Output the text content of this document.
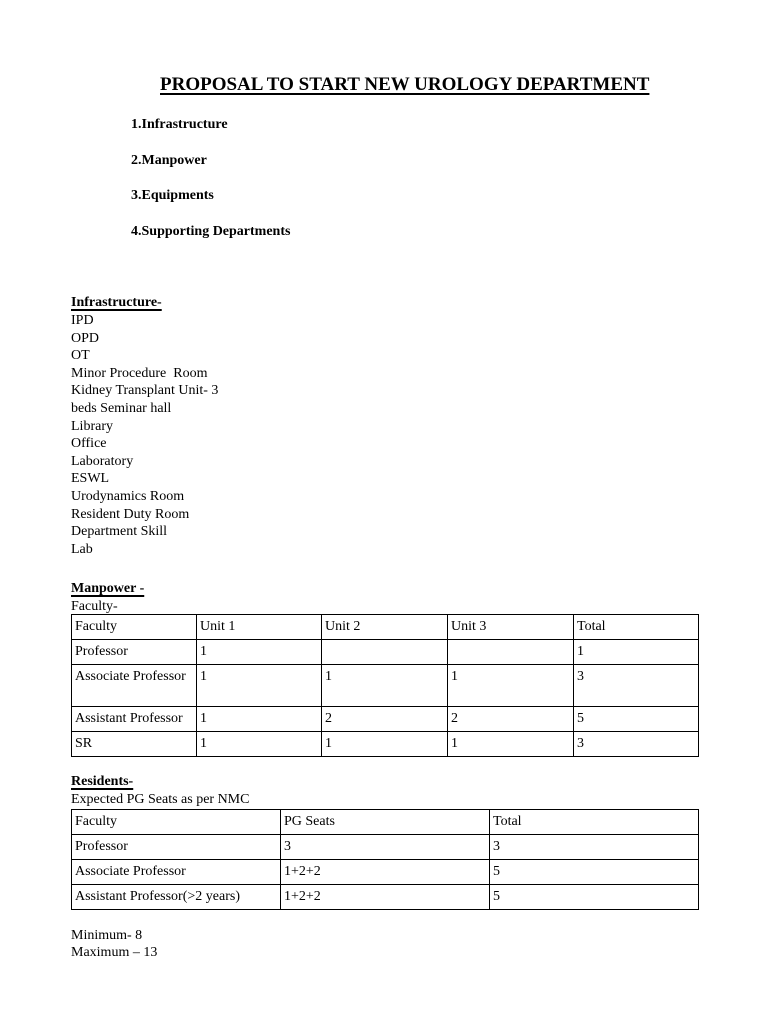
PROPOSAL TO START NEW UROLOGY DEPARTMENT
1.Infrastructure
2.Manpower
3.Equipments
4.Supporting Departments
Infrastructure-
IPD
OPD
OT
Minor Procedure  Room
Kidney Transplant Unit- 3
beds Seminar hall
Library
Office
Laboratory
ESWL
Urodynamics Room
Resident Duty Room
Department Skill
Lab
Manpower -
Faculty-
Faculty	Unit 1	Unit 2	Unit 3	Total
Professor	1			1
Associate Professor	1	1	1	3
Assistant Professor	1	2	2	5
SR	1	1	1	3
Residents-
Expected PG Seats as per NMC
Faculty	PG Seats	Total
Professor	3	3
Associate Professor	1+2+2	5
Assistant Professor(>2 years)	1+2+2	5
Minimum- 8
Maximum – 13
